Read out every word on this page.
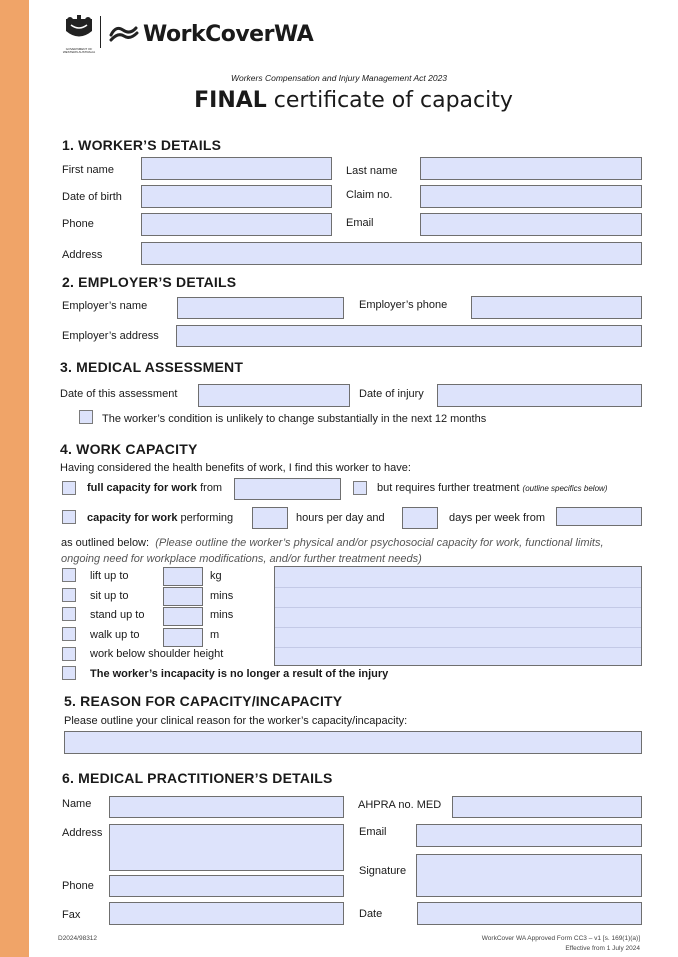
GOVERNMENT OF WESTERN AUSTRALIA
WorkCoverWA
Workers Compensation and Injury Management Act 2023
FINAL certificate of capacity
1. WORKER’S DETAILS
First name	Last name
Date of birth	Claim no.
Phone	Email
Address
2. EMPLOYER’S DETAILS
Employer’s name	Employer’s phone
Employer’s address
3. MEDICAL ASSESSMENT
Date of this assessment	Date of injury
The worker’s condition is unlikely to change substantially in the next 12 months
4. WORK CAPACITY
Having considered the health benefits of work, I find this worker to have:
full capacity for work from	but requires further treatment (outline specifics below)
capacity for work performing	hours per day and	days per week from
as outlined below: (Please outline the worker’s physical and/or psychosocial capacity for work, functional limits,
ongoing need for workplace modifications, and/or further treatment needs)
lift up to	kg
sit up to	mins
stand up to	mins
walk up to	m
work below shoulder height
The worker’s incapacity is no longer a result of the injury
5. REASON FOR CAPACITY/INCAPACITY
Please outline your clinical reason for the worker’s capacity/incapacity:
6. MEDICAL PRACTITIONER’S DETAILS
Name	AHPRA no. MED
Address	Email
Signature
Phone
Fax	Date
D2024/98312	WorkCover WA Approved Form CC3 – v1 [s. 169(1)(a)]
Effective from 1 July 2024
